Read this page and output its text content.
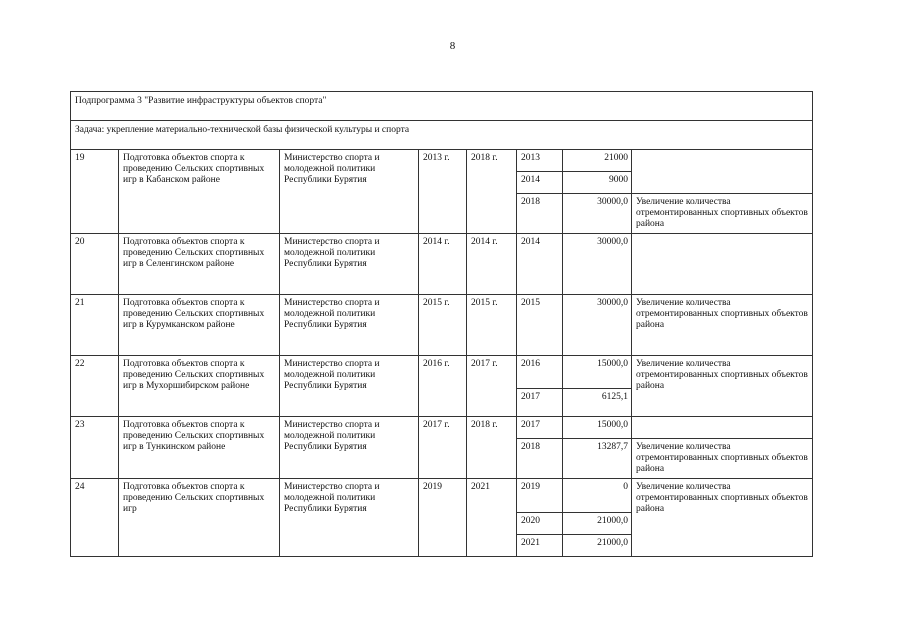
8
Подпрограмма 3 "Развитие инфраструктуры объектов спорта"							
Задача: укрепление материально-технической базы физической культуры и спорта							
19	Подготовка объектов спорта к проведению Сельских спортивных игр в Кабанском районе	Министерство спорта и молодежной политики Республики Бурятия	2013 г.	2018 г.	2013	21000	
					2014	9000	
					2018	30000,0	Увеличение количества отремонтированных спортивных объектов района
20	Подготовка объектов спорта к проведению Сельских спортивных игр в Селенгинском районе	Министерство спорта и молодежной политики Республики Бурятия	2014 г.	2014 г.	2014	30000,0	
21	Подготовка объектов спорта к проведению Сельских спортивных игр в Курумканском районе	Министерство спорта и молодежной политики Республики Бурятия	2015 г.	2015 г.	2015	30000,0	Увеличение количества отремонтированных спортивных объектов района
22	Подготовка объектов спорта к проведению Сельских спортивных игр в Мухоршибирском районе	Министерство спорта и молодежной политики Республики Бурятия	2016 г.	2017 г.	2016	15000,0	Увеличение количества отремонтированных спортивных объектов района
					2017	6125,1	
23	Подготовка объектов спорта к проведению Сельских спортивных игр в Тункинском районе	Министерство спорта и молодежной политики Республики Бурятия	2017 г.	2018 г.	2017	15000,0	
					2018	13287,7	Увеличение количества отремонтированных спортивных объектов района
24	Подготовка объектов спорта к проведению Сельских спортивных игр	Министерство спорта и молодежной политики Республики Бурятия	2019	2021	2019	0	Увеличение количества отремонтированных спортивных объектов района
					2020	21000,0	
					2021	21000,0	
